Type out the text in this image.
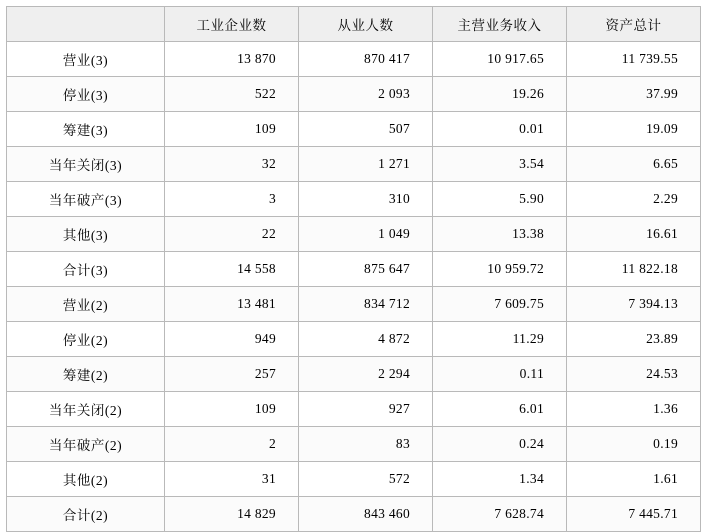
	工业企业数	从业人数	主营业务收入	资产总计
营业(3)	13 870	870 417	10 917.65	11 739.55
停业(3)	522	2 093	19.26	37.99
筹建(3)	109	507	0.01	19.09
当年关闭(3)	32	1 271	3.54	6.65
当年破产(3)	3	310	5.90	2.29
其他(3)	22	1 049	13.38	16.61
合计(3)	14 558	875 647	10 959.72	11 822.18
营业(2)	13 481	834 712	7 609.75	7 394.13
停业(2)	949	4 872	11.29	23.89
筹建(2)	257	2 294	0.11	24.53
当年关闭(2)	109	927	6.01	1.36
当年破产(2)	2	83	0.24	0.19
其他(2)	31	572	1.34	1.61
合计(2)	14 829	843 460	7 628.74	7 445.71
